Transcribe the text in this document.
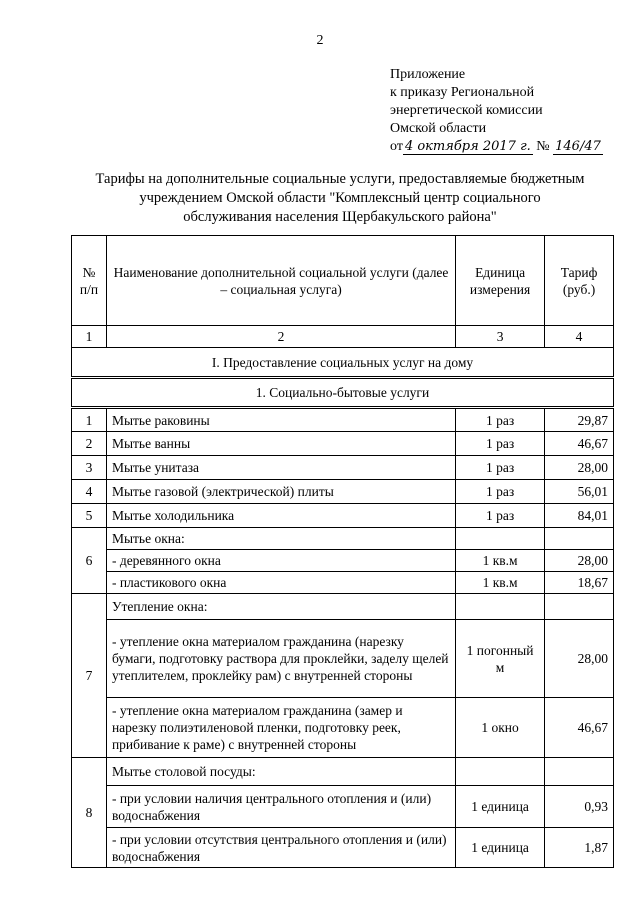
2
Приложение
к приказу Региональной
энергетической комиссии
Омской области
от 4 октября 2017 г. № 146/47
Тарифы на дополнительные социальные услуги, предоставляемые бюджетным
учреждением Омской области "Комплексный центр социального
обслуживания населения Щербакульского района"
№ п/п	Наименование дополнительной социальной услуги (далее – социальная услуга)	Единица измерения	Тариф (руб.)
1	2	3	4
I. Предоставление социальных услуг на дому			
1. Социально-бытовые услуги			
1	Мытье раковины	1 раз	29,87
2	Мытье ванны	1 раз	46,67
3	Мытье унитаза	1 раз	28,00
4	Мытье газовой (электрической) плиты	1 раз	56,01
5	Мытье холодильника	1 раз	84,01
6	Мытье окна:		
	- деревянного окна	1 кв.м	28,00
	- пластикового окна	1 кв.м	18,67
7	Утепление окна:		
	- утепление окна материалом гражданина (нарезку бумаги, подготовку раствора для проклейки, заделу щелей утеплителем, проклейку рам) с внутренней стороны	1 погонный м	28,00
	- утепление окна материалом гражданина (замер и нарезку полиэтиленовой пленки, подготовку реек, прибивание к раме) с внутренней стороны	1 окно	46,67
8	Мытье столовой посуды:		
	- при условии наличия центрального отопления и (или) водоснабжения	1 единица	0,93
	- при условии отсутствия центрального отопления и (или) водоснабжения	1 единица	1,87
